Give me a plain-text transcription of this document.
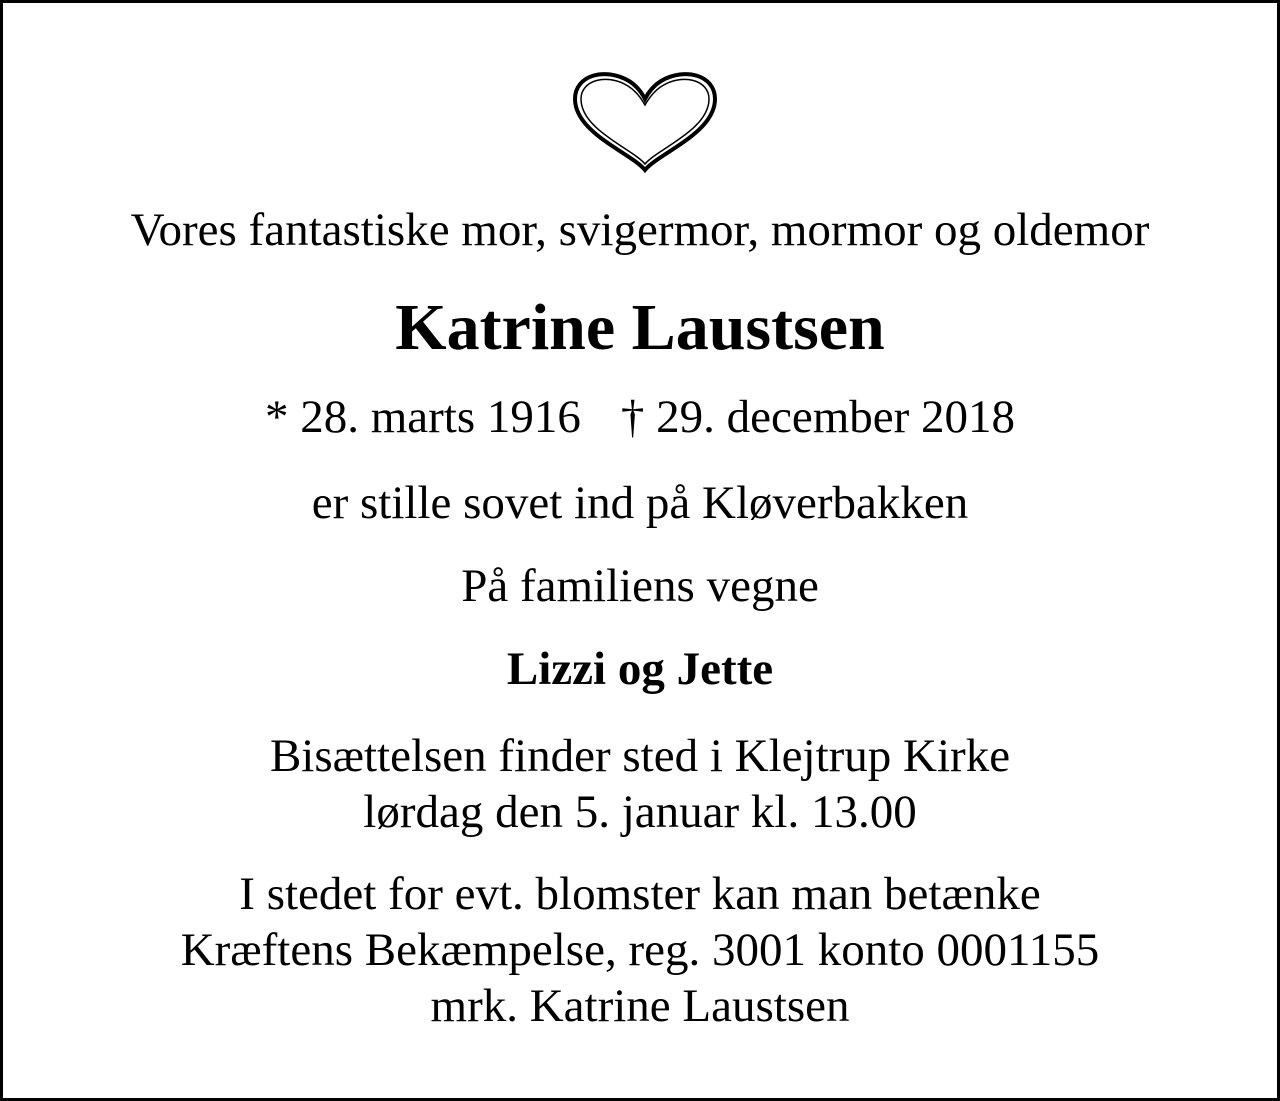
Vores fantastiske mor, svigermor, mormor og oldemor
Katrine Laustsen
* 28. marts 1916 † 29. december 2018
er stille sovet ind på Kløverbakken
På familiens vegne
Lizzi og Jette
Bisættelsen finder sted i Klejtrup Kirke
lørdag den 5. januar kl. 13.00
I stedet for evt. blomster kan man betænke
Kræftens Bekæmpelse, reg. 3001 konto 0001155
mrk. Katrine Laustsen
